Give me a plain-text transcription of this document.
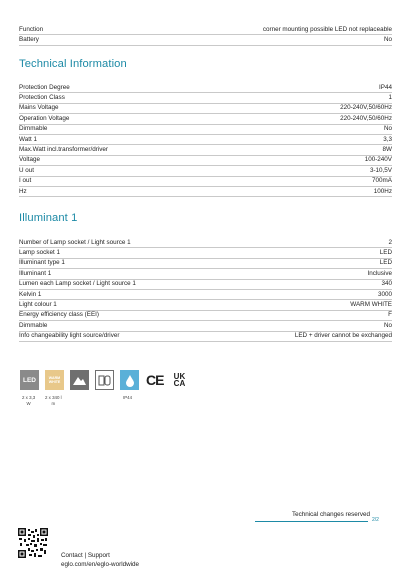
Function	corner mounting possible LED not replaceable
Battery	No
Technical Information
Protection Degree	IP44
Protection Class	1
Mains Voltage	220-240V,50/60Hz
Operation Voltage	220-240V,50/60Hz
Dimmable	No
Watt 1	3,3
Max.Watt incl.transformer/driver	8W
Voltage	100-240V
U out	3-10,5V
I out	700mA
Hz	100Hz
Illuminant 1
Number of Lamp socket / Light source 1	2
Lamp socket 1	LED
Illuminant type 1	LED
Illuminant 1	Inclusive
Lumen each Lamp socket / Light source 1	340
Kelvin 1	3000
Light colour 1	WARM WHITE
Energy efficiency class (EEI)	F
Dimmable	No
Info changeability light source/driver	LED + driver cannot be exchanged
LED	WARM
WHITE	CE UK
CA
2 x 3,3
W
2 x 340 l
m
IP44
Technical changes reserved
2/2
Contact | Support
eglo.com/en/eglo-worldwide
